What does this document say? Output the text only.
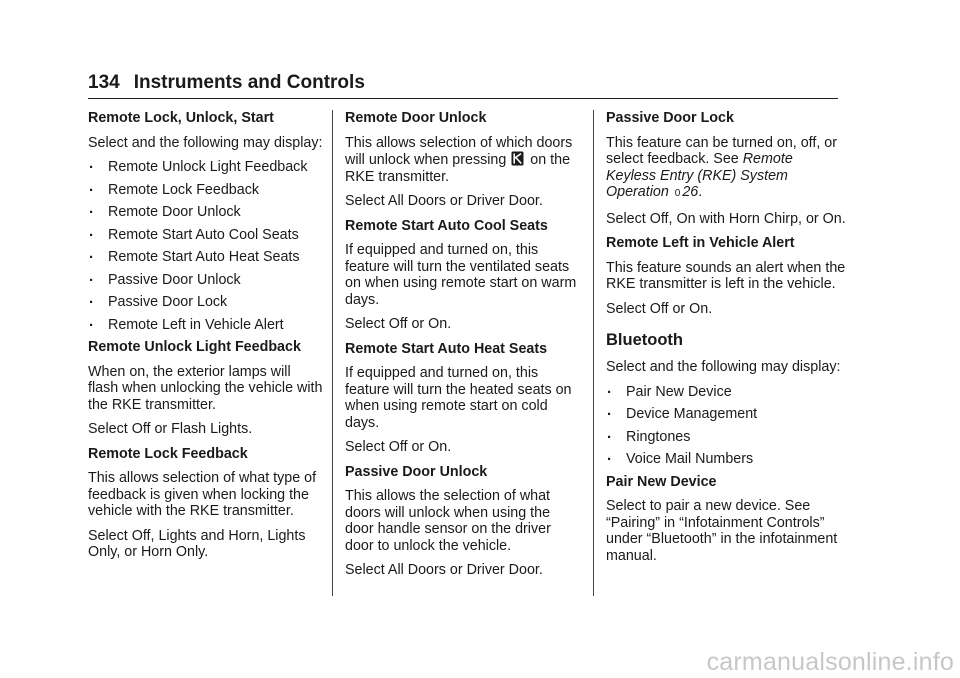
134 Instruments and Controls
Remote Lock, Unlock, Start

Select and the following may display:

. Remote Unlock Light Feedback
. Remote Lock Feedback
. Remote Door Unlock
. Remote Start Auto Cool Seats
. Remote Start Auto Heat Seats
. Passive Door Unlock
. Passive Door Lock
. Remote Left in Vehicle Alert
Remote Unlock Light Feedback

When on, the exterior lamps will flash when unlocking the vehicle with the RKE transmitter.

Select Off or Flash Lights.

Remote Lock Feedback

This allows selection of what type of feedback is given when locking the vehicle with the RKE transmitter.

Select Off, Lights and Horn, Lights Only, or Horn Only.

Remote Door Unlock

This allows selection of which doors will unlock when pressing on the RKE transmitter.

Select All Doors or Driver Door.

Remote Start Auto Cool Seats

If equipped and turned on, this feature will turn the ventilated seats on when using remote start on warm days.

Select Off or On.

Remote Start Auto Heat Seats

If equipped and turned on, this feature will turn the heated seats on when using remote start on cold days.

Select Off or On.

Passive Door Unlock

This allows the selection of what doors will unlock when using the door handle sensor on the driver door to unlock the vehicle.

Select All Doors or Driver Door.

Passive Door Lock

This feature can be turned on, off, or select feedback. See Remote Keyless Entry (RKE) System Operation 0 26.

Select Off, On with Horn Chirp, or On.

Remote Left in Vehicle Alert

This feature sounds an alert when the RKE transmitter is left in the vehicle.

Select Off or On.

Bluetooth

Select and the following may display:

. Pair New Device
. Device Management
. Ringtones
. Voice Mail Numbers
Pair New Device

Select to pair a new device. See “Pairing” in “Infotainment Controls” under “Bluetooth” in the infotainment manual.

carmanualsonline.info
